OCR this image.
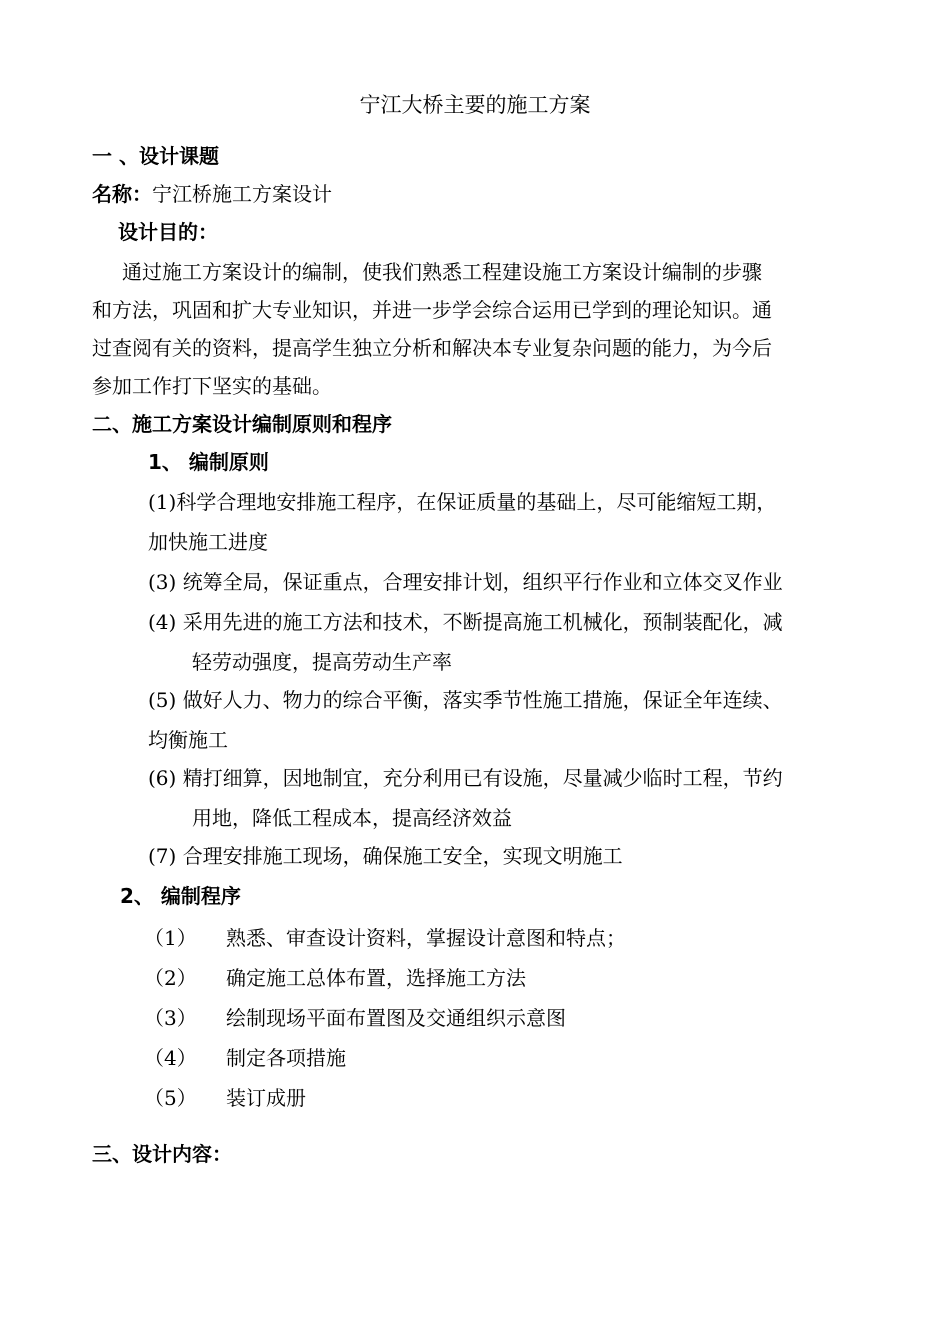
宁江大桥主要的施工方案
一 、设计课题
名称：宁江桥施工方案设计
设计目的：
通过施工方案设计的编制，使我们熟悉工程建设施工方案设计编制的步骤
和方法，巩固和扩大专业知识，并进一步学会综合运用已学到的理论知识。通
过查阅有关的资料，提高学生独立分析和解决本专业复杂问题的能力，为今后
参加工作打下坚实的基础。
二、施工方案设计编制原则和程序
1、 编制原则
(1)科学合理地安排施工程序，在保证质量的基础上，尽可能缩短工期，
加快施工进度
(3) 统筹全局，保证重点，合理安排计划，组织平行作业和立体交叉作业
(4) 采用先进的施工方法和技术，不断提高施工机械化，预制装配化，减
轻劳动强度，提高劳动生产率
(5) 做好人力、物力的综合平衡，落实季节性施工措施，保证全年连续、
均衡施工
(6) 精打细算，因地制宜，充分利用已有设施，尽量减少临时工程，节约
用地，降低工程成本，提高经济效益
(7) 合理安排施工现场，确保施工安全，实现文明施工
2、 编制程序
（1） 熟悉、审查设计资料，掌握设计意图和特点；
（2） 确定施工总体布置，选择施工方法
（3） 绘制现场平面布置图及交通组织示意图
（4） 制定各项措施
（5） 装订成册
三、设计内容：
